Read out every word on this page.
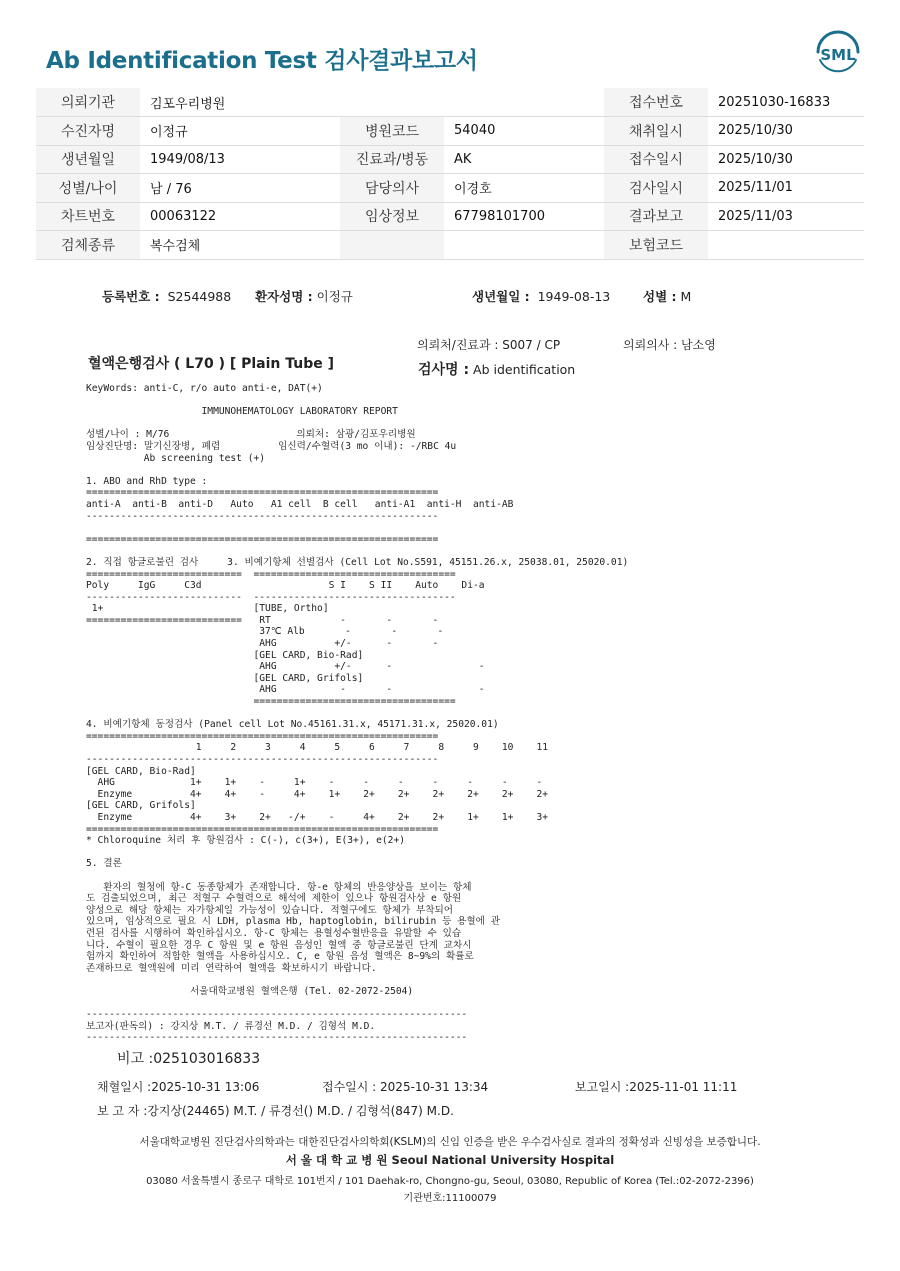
Ab Identification Test 검사결과보고서	SML
의뢰기관	김포우리병원			접수번호	20251030-16833
수진자명	이정규	병원코드	54040	채취일시	2025/10/30
생년월일	1949/08/13	진료과/병동	AK	접수일시	2025/10/30
성별/나이	남 / 76	담당의사	이경호	검사일시	2025/11/01
차트번호	00063122	임상정보	67798101700	결과보고	2025/11/03
검체종류	복수검체			보험코드	
등록번호 : S2544988 환자성명 : 이정규	생년월일 : 1949-08-13	성별 : M
의뢰처/진료과 : S007 / CP	의뢰의사 : 남소영
혈액은행검사 ( L70 ) [ Plain Tube ]	검사명 : Ab identification
KeyWords: anti-C, r/o auto anti-e, DAT(+)

IMMUNOHEMATOLOGY LABORATORY REPORT

성별/나이 : M/76                      의뢰처: 삼광/김포우리병원
임상진단명: 말기신장병, 폐렴          임신력/수혈력(3 mo 이내): -/RBC 4u
Ab screening test (+)

1. ABO and RhD type :
=============================================================
anti-A  anti-B  anti-D   Auto   A1 cell  B cell   anti-A1  anti-H  anti-AB
-------------------------------------------------------------

=============================================================

2. 직접 항글로불린 검사     3. 비예기항체 선별검사 (Cell Lot No.S591, 45151.26.x, 25038.01, 25020.01)
===========================  ===================================
Poly     IgG     C3d                      S I    S II    Auto    Di-a
---------------------------  -----------------------------------
1+                          [TUBE, Ortho]
===========================   RT            -       -       -
37℃ Alb       -       -       -
AHG          +/-      -       -
[GEL CARD, Bio-Rad]
AHG          +/-      -               -
[GEL CARD, Grifols]
AHG           -       -               -
===================================

4. 비예기항체 동정검사 (Panel cell Lot No.45161.31.x, 45171.31.x, 25020.01)
=============================================================
1     2     3     4     5     6     7     8     9    10    11
-------------------------------------------------------------
[GEL CARD, Bio-Rad]
AHG             1+    1+    -     1+    -     -     -     -     -     -     -
Enzyme          4+    4+    -     4+    1+    2+    2+    2+    2+    2+    2+
[GEL CARD, Grifols]
Enzyme          4+    3+    2+   -/+    -     4+    2+    2+    1+    1+    3+
=============================================================
* Chloroquine 처리 후 항원검사 : C(-), c(3+), E(3+), e(2+)

5. 결론

환자의 혈청에 항-C 동종항체가 존재합니다. 항-e 항체의 반응양상을 보이는 항체
도 검출되었으며, 최근 적혈구 수혈력으로 해석에 제한이 있으나 항원검사상 e 항원
양성으로 해당 항체는 자가항체일 가능성이 있습니다. 적혈구에도 항체가 부착되어
있으며, 임상적으로 필요 시 LDH, plasma Hb, haptoglobin, bilirubin 등 용혈에 관
련된 검사를 시행하여 확인하십시오. 항-C 항체는 용혈성수혈반응을 유발할 수 있습
니다. 수혈이 필요한 경우 C 항원 및 e 항원 음성인 혈액 중 항글로불린 단계 교차시
험까지 확인하여 적합한 혈액을 사용하십시오. C, e 항원 음성 혈액은 8~9%의 확률로
존재하므로 혈액원에 미리 연락하여 혈액을 확보하시기 바랍니다.

서울대학교병원 혈액은행 (Tel. 02-2072-2504)

------------------------------------------------------------------
보고자(판독의) : 강지상 M.T. / 류경선 M.D. / 김형석 M.D.
------------------------------------------------------------------
비고 :025103016833
채혈일시 :2025-10-31 13:06	접수일시 : 2025-10-31 13:34	보고일시 :2025-11-01 11:11
보 고 자 :강지상(24465) M.T. / 류경선() M.D. / 김형석(847) M.D.
서울대학교병원 진단검사의학과는 대한진단검사의학회(KSLM)의 신임 인증을 받은 우수검사실로 결과의 정확성과 신빙성을 보증합니다.
서 울 대 학 교 병 원 Seoul National University Hospital
03080 서울특별시 종로구 대학로 101번지 / 101 Daehak-ro, Chongno-gu, Seoul, 03080, Republic of Korea (Tel.:02-2072-2396)
기관번호:11100079
